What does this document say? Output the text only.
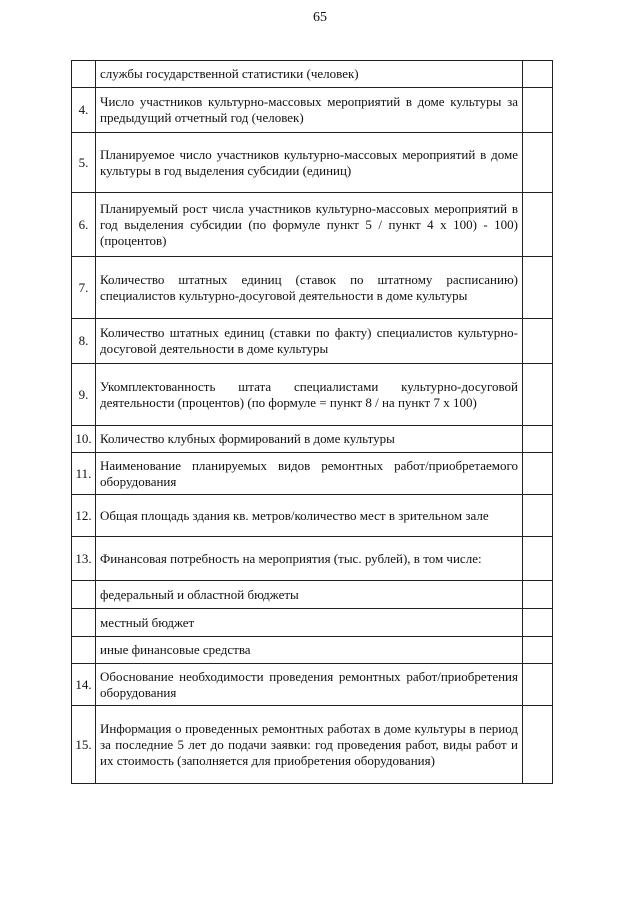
65
	службы государственной статистики (человек)	
4.	Число участников культурно-массовых мероприятий в доме культуры за предыдущий отчетный год (человек)	
5.	Планируемое число участников культурно-массовых мероприятий в доме культуры в год выделения субсидии (единиц)	
6.	Планируемый рост числа участников культурно-массовых мероприятий в год выделения субсидии (по формуле пункт 5 / пункт 4 х 100) - 100) (процентов)	
7.	Количество штатных единиц (ставок по штатному расписанию) специалистов культурно-досуговой деятельности в доме культуры	
8.	Количество штатных единиц (ставки по факту) специалистов культурно-досуговой деятельности в доме культуры	
9.	Укомплектованность штата специалистами культурно-досуговой деятельности (процентов) (по формуле = пункт 8 / на пункт 7 х 100)	
10.	Количество клубных формирований в доме культуры	
11.	Наименование планируемых видов ремонтных работ/приобретаемого оборудования	
12.	Общая площадь здания кв. метров/количество мест в зрительном зале	
13.	Финансовая потребность на мероприятия (тыс. рублей), в том числе:	
	федеральный и областной бюджеты	
	местный бюджет	
	иные финансовые средства	
14.	Обоснование необходимости проведения ремонтных работ/приобретения оборудования	
15.	Информация о проведенных ремонтных работах в доме культуры в период за последние 5 лет до подачи заявки: год проведения работ, виды работ и их стоимость (заполняется для приобретения оборудования)	
